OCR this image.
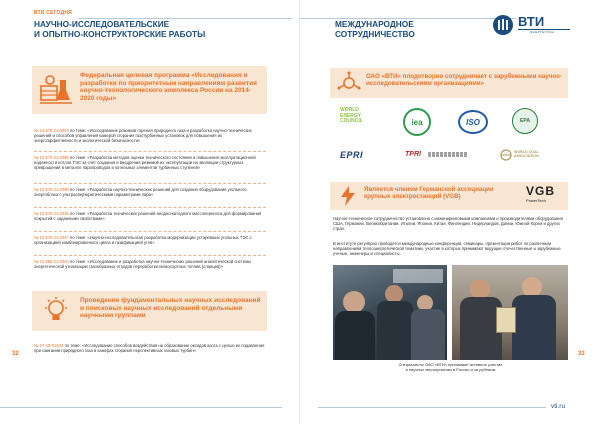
ВТИ СЕГОДНЯ
НАУЧНО-ИССЛЕДОВАТЕЛЬСКИЕ
И ОПЫТНО-КОНСТРУКТОРСКИЕ РАБОТЫ
Федеральная целевая программа «Исследования и разработки по приоритетным направлениям развития научно-технологического комплекса России на 2014-2020 годы»
№ 14.579.21.0003 по теме: «Исследование режимов горения природного газа и разработка научно-технических решений и способов управления камерой сгорания газотурбинных установок для повышения их энергоэффективности и экологической безопасности»
№ 14.579.21.0085 по теме: «Разработка методов оценки технического состояния и повышения эксплуатационной надежности котлов ТЭС за счет создания и внедрения режимов их эксплуатации на эволюции структурных превращений в металле паропроводов и котельных элементов турбинных ступеней»
№ 14.576.21.0098 по теме: «Разработка научно-технических решений для создания оборудования угольного энергоблока с ультрасверхкритическими параметрами пара»
№ 14.576.21.0035 по теме: «Разработка технических решений анодно-катодного массопереноса для формирования покрытий с заданными свойствами»
№ 14.576.21.0037 по теме: «Научно-исследовательская разработка модернизации устаревших угольных ТЭС с организацией комбинированного цикла и газификацией угля»
№ 14.588.21.0003 по теме: «Исследование и разработка научно-технических решений аналитической системы энергетической утилизации газообразных отходов переработки низкосортных топлив (сланцев)»
Проведение фундаментальных научных исследований и поисковых научных исследований отдельными научными группами
№ 17-19-01543 по теме: «Исследование способов воздействия на образование оксидов азота с целью их подавления при сжигании природного газа в камерах сгорания перспективных газовых турбин»
32
МЕЖДУНАРОДНОЕ
СОТРУДНИЧЕСТВО
ВТИ
ЭНЕРГЕТИКА
ОАО «ВТИ» плодотворно сотрудничает с зарубежными научно-исследовательскими организациями»
WORLD ENERGY COUNCIL	iea	ISO	EPA
EPRI	TPRI	WORLD COAL ASSOCIATION
Является членом Германской ассоциации крупных электростанций (VGB)	VGB
PowerTech
Научно-техническое сотрудничество установлено с инжиниринговыми компаниями и производителями оборудования США, Германии, Великобритании, Италии, Японии, Китая, Финляндии, Нидерландов, Дании, Южной Кореи и других стран.
В институте регулярно проводятся международные конференции, семинары, презентации работ по различным направлениям теплоэнергетической тематики, участие в которых принимают ведущие отечественные и зарубежные ученые, инженеры и специалисты.
Специалисты ОАО «ВТИ» принимают активное участие
в научных мероприятиях в России и за рубежом
33
vti.ru
